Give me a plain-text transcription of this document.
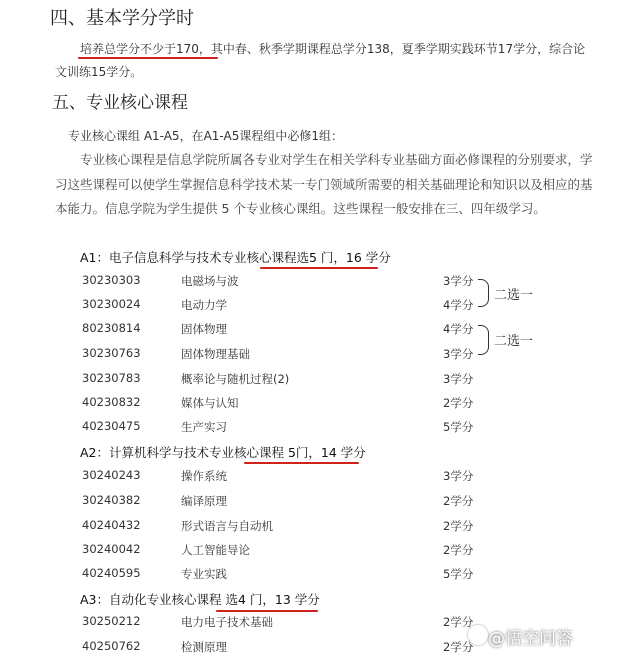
四、基本学分学时
培养总学分不少于170，其中春、秋季学期课程总学分138，夏季学期实践环节17学分，综合论
文训练15学分。
五、专业核心课程
专业核心课组 A1-A5，在A1-A5课程组中必修1组：
专业核心课程是信息学院所属各专业对学生在相关学科专业基础方面必修课程的分别要求，学
习这些课程可以使学生掌握信息科学技术某一专门领域所需要的相关基础理论和知识以及相应的基
本能力。信息学院为学生提供 5 个专业核心课组。这些课程一般安排在三、四年级学习。
A1：电子信息科学与技术专业核心课程选5 门，16 学分
30230303	电磁场与波	3学分
30230024	电动力学	4学分
80230814	固体物理	4学分
30230763	固体物理基础	3学分
30230783	概率论与随机过程(2)	3学分
40230832	媒体与认知	2学分
40230475	生产实习	5学分
二选一
二选一
A2：计算机科学与技术专业核心课程 5门，14 学分
30240243	操作系统	3学分
30240382	编译原理	2学分
40240432	形式语言与自动机	2学分
30240042	人工智能导论	2学分
40240595	专业实践	5学分
A3：自动化专业核心课程 选4 门，13 学分
30250212	电力电子技术基础	2学分
40250762	检测原理	2学分 @悟空问答
